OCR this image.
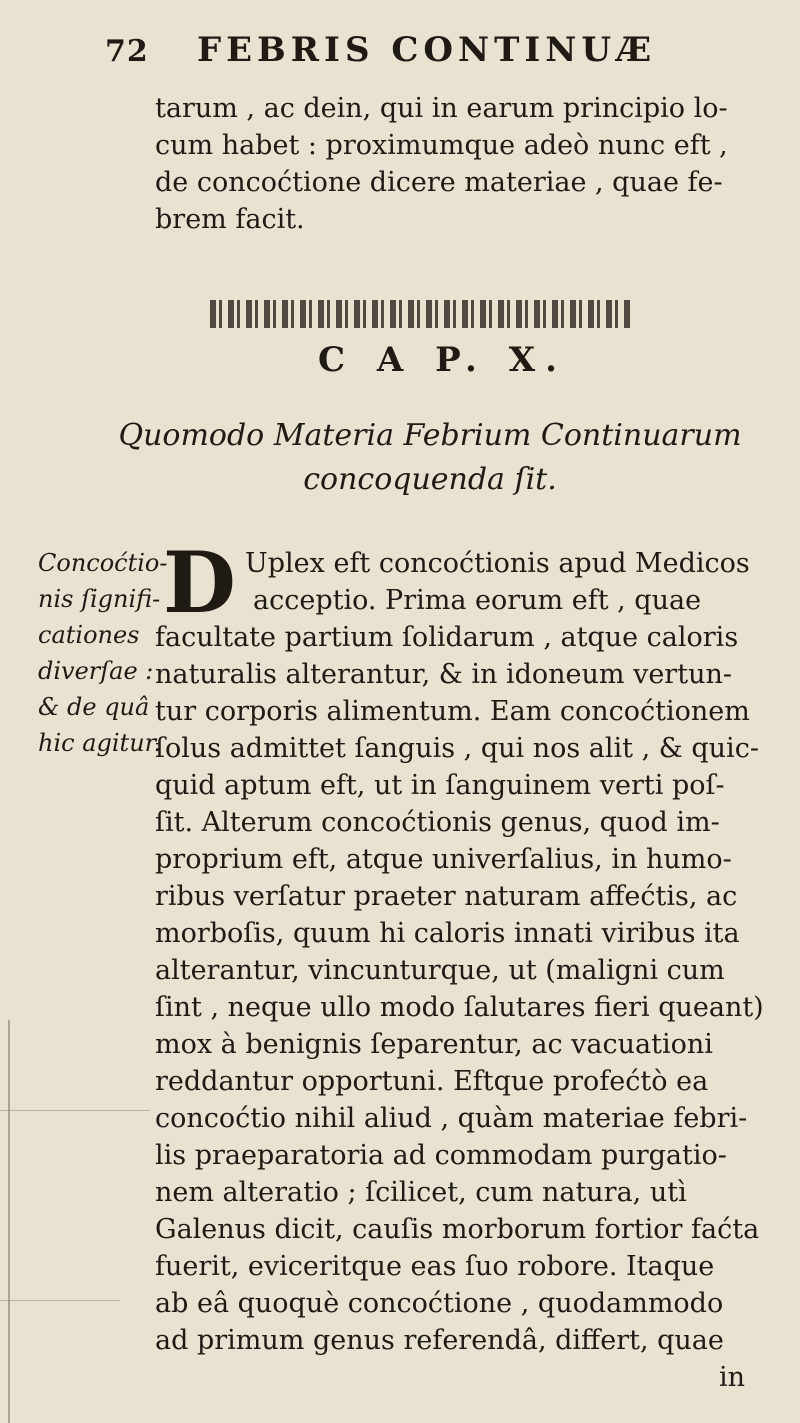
72 FEBRIS CONTINUÆ
tarum , ac dein, qui in earum principio lo-
cum habet : proximumque adeò nunc eft ,
de concoćtione dicere materiae , quae fe-
brem facit.
C A P. X.
Quomodo Materia Febrium Continuarum
concoquenda ſit.
Concoćtio-
nis ſignifi-
cationes
diverſae :
& de quâ
hic agitur.
D Uplex eft concoćtionis apud Medicos
acceptio. Prima eorum eft , quae
facultate partium ſolidarum , atque caloris
naturalis alterantur, & in idoneum vertun-
tur corporis alimentum. Eam concoćtionem
ſolus admittet ſanguis , qui nos alit , & quic-
quid aptum eft, ut in ſanguinem verti poſ-
ſit. Alterum concoćtionis genus, quod im-
proprium eft, atque univerſalius, in humo-
ribus verſatur praeter naturam affećtis, ac
morboſis, quum hi caloris innati viribus ita
alterantur, vincunturque, ut (maligni cum
ſint , neque ullo modo ſalutares fieri queant)
mox à benignis ſeparentur, ac vacuationi
reddantur opportuni. Eftque profećtò ea
concoćtio nihil aliud , quàm materiae febri-
lis praeparatoria ad commodam purgatio-
nem alteratio ; ſcilicet, cum natura, utì
Galenus dicit, cauſis morborum fortior faćta
fuerit, eviceritque eas ſuo robore. Itaque
ab eâ quoquè concoćtione , quodammodo
ad primum genus referendâ, differt, quae
in
